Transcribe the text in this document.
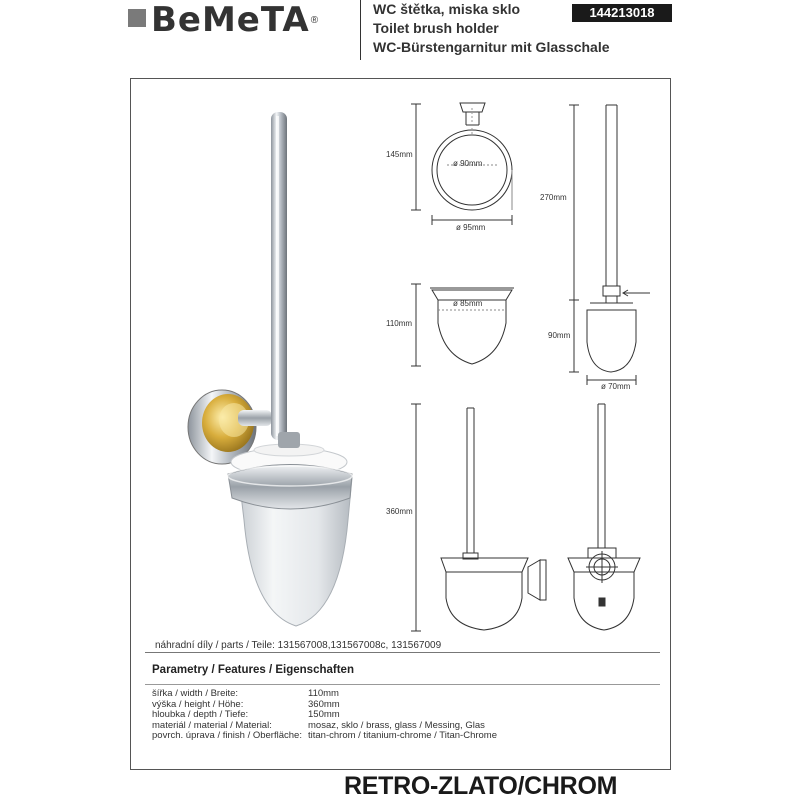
BeMeTA ®
WC štětka, miska sklo
Toilet brush holder
WC-Bürstengarnitur mit Glasschale
144213018
145mm
ø 90mm
ø 95mm
110mm
ø 85mm
270mm
90mm
ø 70mm
360mm
náhradní díly / parts / Teile: 131567008,131567008c, 131567009
Parametry / Features / Eigenschaften
šířka / width / Breite:	110mm
výška / height / Höhe:	360mm
hloubka / depth / Tiefe:	150mm
materiál / material / Material:	mosaz, sklo / brass, glass / Messing, Glas
povrch. úprava / finish / Oberfläche: titan-chrom / titanium-chrome / Titan-Chrome
RETRO-ZLATO/CHROM
